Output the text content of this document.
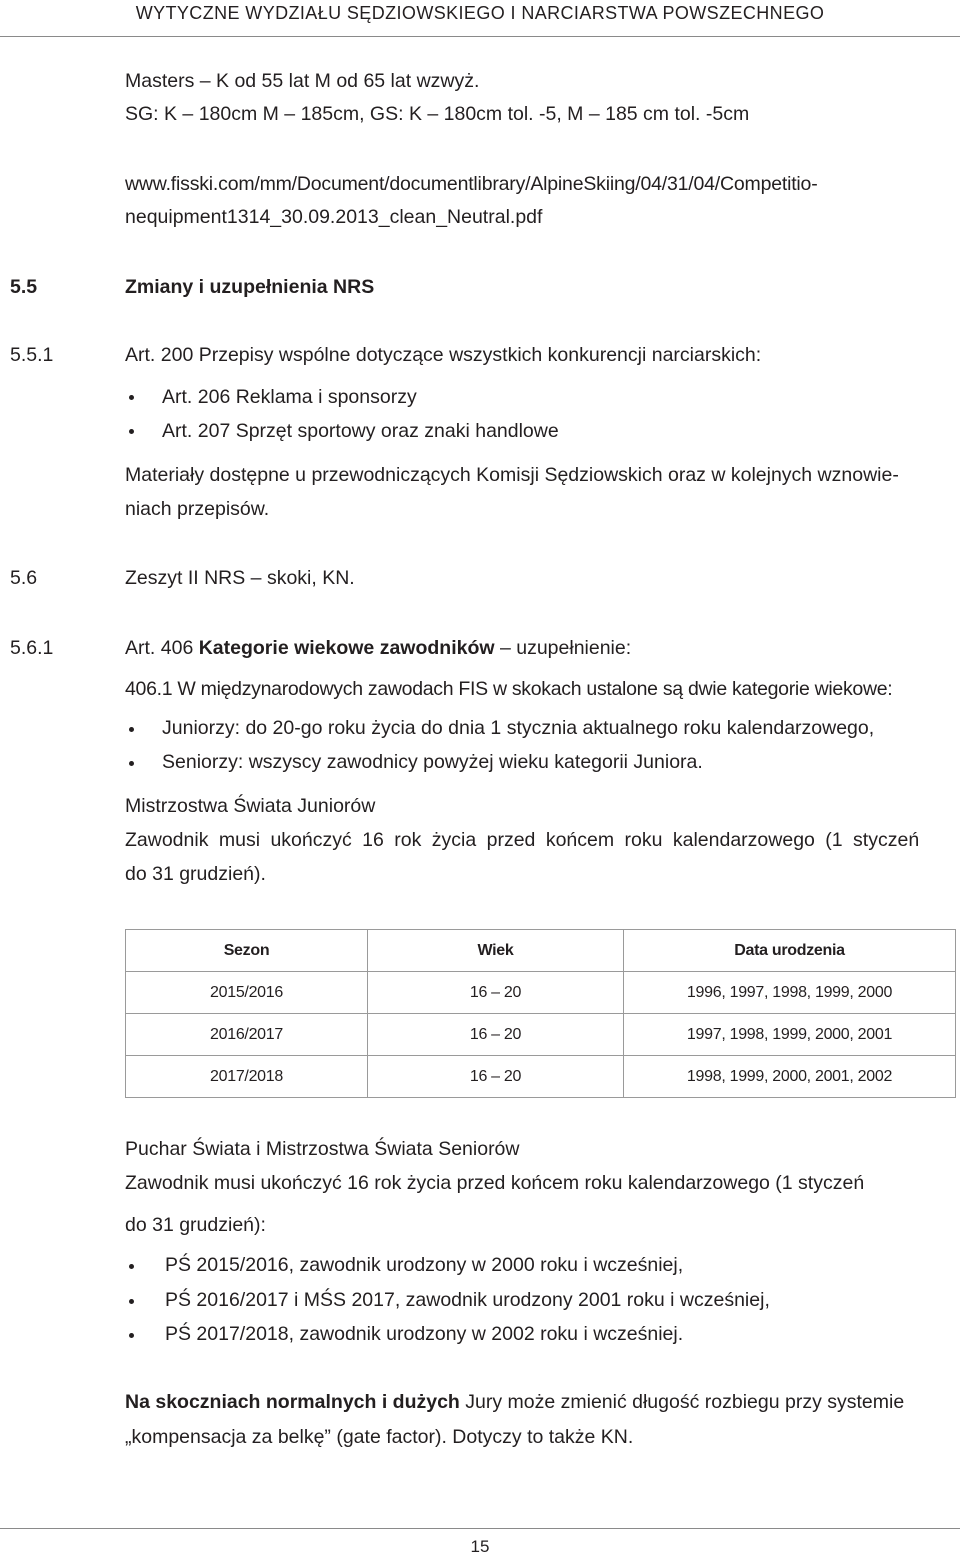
WYTYCZNE WYDZIAŁU SĘDZIOWSKIEGO I NARCIARSTWA POWSZECHNEGO
Masters – K od 55 lat M od 65 lat wzwyż.
SG: K – 180cm M – 185cm, GS: K – 180cm tol. -5, M – 185 cm tol. -5cm
www.fisski.com/mm/Document/documentlibrary/AlpineSkiing/04/31/04/Competitio-
nequipment1314_30.09.2013_clean_Neutral.pdf
5.5	Zmiany i uzupełnienia NRS
5.5.1	Art. 200 Przepisy wspólne dotyczące wszystkich konkurencji narciarskich:
Art. 206 Reklama i sponsorzy
Art. 207 Sprzęt sportowy oraz znaki handlowe
Materiały dostępne u przewodniczących Komisji Sędziowskich oraz w kolejnych wznowie-
niach przepisów.
5.6	Zeszyt II NRS – skoki, KN.
5.6.1	Art. 406 Kategorie wiekowe zawodników – uzupełnienie:
406.1 W międzynarodowych zawodach FIS w skokach ustalone są dwie kategorie wiekowe:
Juniorzy: do 20-go roku życia do dnia 1 stycznia aktualnego roku kalendarzowego,
Seniorzy: wszyscy zawodnicy powyżej wieku kategorii Juniora.
Mistrzostwa Świata Juniorów
Zawodnik musi ukończyć 16 rok życia przed końcem roku kalendarzowego (1 styczeń
do 31 grudzień).
Sezon	Wiek	Data urodzenia
2015/2016	16 – 20	1996, 1997, 1998, 1999, 2000
2016/2017	16 – 20	1997, 1998, 1999, 2000, 2001
2017/2018	16 – 20	1998, 1999, 2000, 2001, 2002
Puchar Świata i Mistrzostwa Świata Seniorów
Zawodnik musi ukończyć 16 rok życia przed końcem roku kalendarzowego (1 styczeń
do 31 grudzień):
PŚ 2015/2016, zawodnik urodzony w 2000 roku i wcześniej,
PŚ 2016/2017 i MŚS 2017, zawodnik urodzony 2001 roku i wcześniej,
PŚ 2017/2018, zawodnik urodzony w 2002 roku i wcześniej.
Na skoczniach normalnych i dużych Jury może zmienić długość rozbiegu przy systemie
„kompensacja za belkę” (gate factor). Dotyczy to także KN.
15
